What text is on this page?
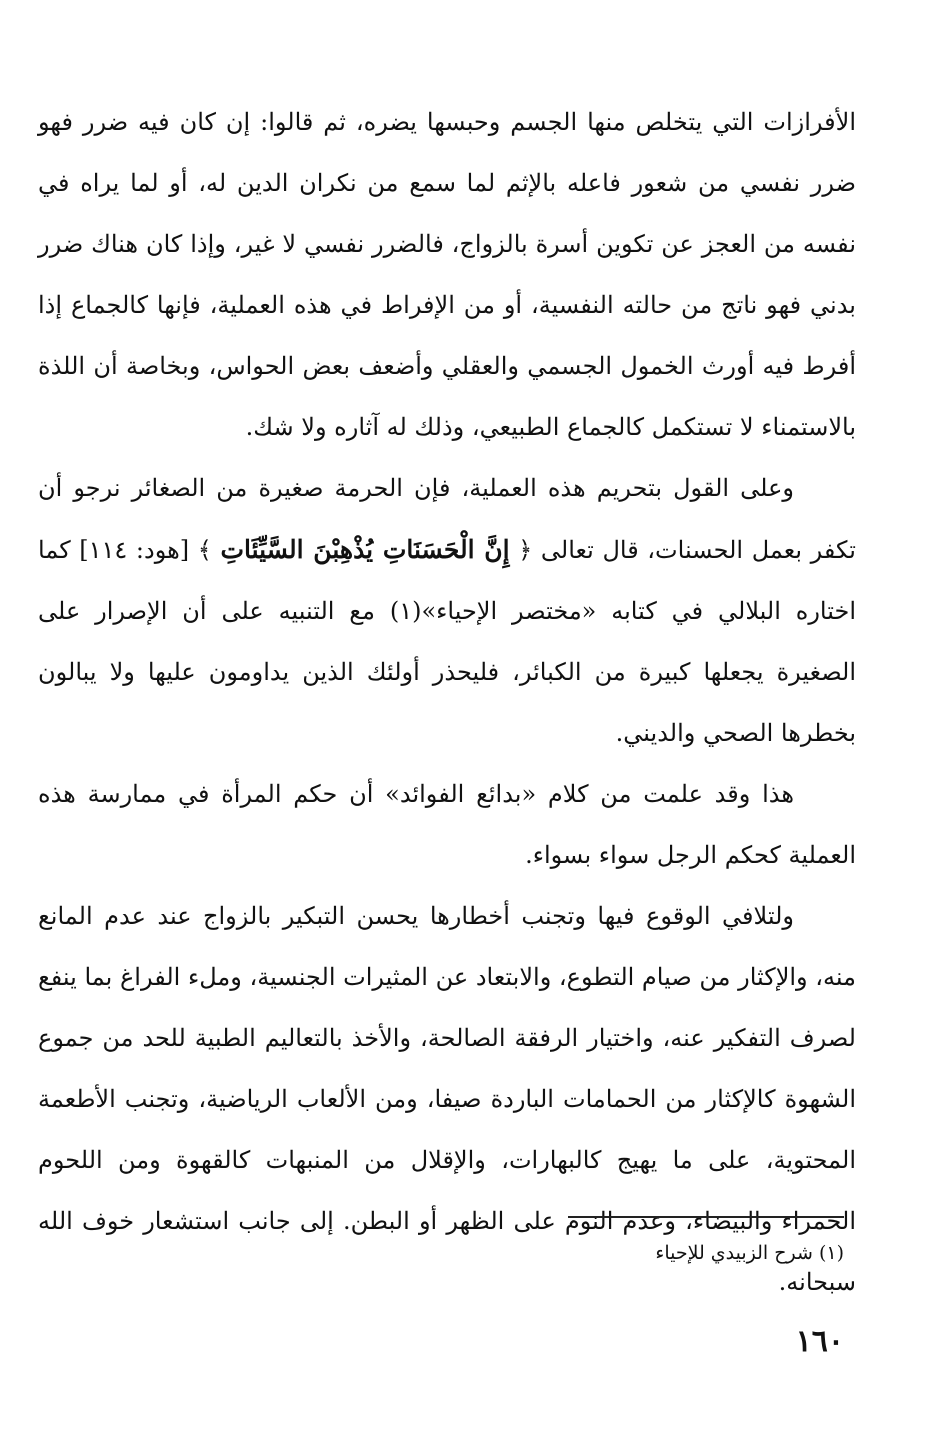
الأفرازات التي يتخلص منها الجسم وحبسها يضره، ثم قالوا: إن كان فيه ضرر فهو ضرر نفسي من شعور فاعله بالإثم لما سمع من نكران الدين له، أو لما يراه في نفسه من العجز عن تكوين أسرة بالزواج، فالضرر نفسي لا غير، وإذا كان هناك ضرر بدني فهو ناتج من حالته النفسية، أو من الإفراط في هذه العملية، فإنها كالجماع إذا أفرط فيه أورث الخمول الجسمي والعقلي وأضعف بعض الحواس، وبخاصة أن اللذة بالاستمناء لا تستكمل كالجماع الطبيعي، وذلك له آثاره ولا شك.

وعلى القول بتحريم هذه العملية، فإن الحرمة صغيرة من الصغائر نرجو أن تكفر بعمل الحسنات، قال تعالى ﴿ إِنَّ الْحَسَنَاتِ يُذْهِبْنَ السَّيِّئَاتِ ﴾ [هود: ١١٤] كما اختاره البلالي في كتابه «مختصر الإحياء»(١) مع التنبيه على أن الإصرار على الصغيرة يجعلها كبيرة من الكبائر، فليحذر أولئك الذين يداومون عليها ولا يبالون بخطرها الصحي والديني.

هذا وقد علمت من كلام «بدائع الفوائد» أن حكم المرأة في ممارسة هذه العملية كحكم الرجل سواء بسواء.

ولتلافي الوقوع فيها وتجنب أخطارها يحسن التبكير بالزواج عند عدم المانع منه، والإكثار من صيام التطوع، والابتعاد عن المثيرات الجنسية، وملء الفراغ بما ينفع لصرف التفكير عنه، واختيار الرفقة الصالحة، والأخذ بالتعاليم الطبية للحد من جموع الشهوة كالإكثار من الحمامات الباردة صيفا، ومن الألعاب الرياضية، وتجنب الأطعمة المحتوية، على ما يهيج كالبهارات، والإقلال من المنبهات كالقهوة ومن اللحوم الحمراء والبيضاء، وعدم النوم على الظهر أو البطن. إلى جانب استشعار خوف الله سبحانه.

(١) شرح الزبيدي للإحياء
١٦٠
